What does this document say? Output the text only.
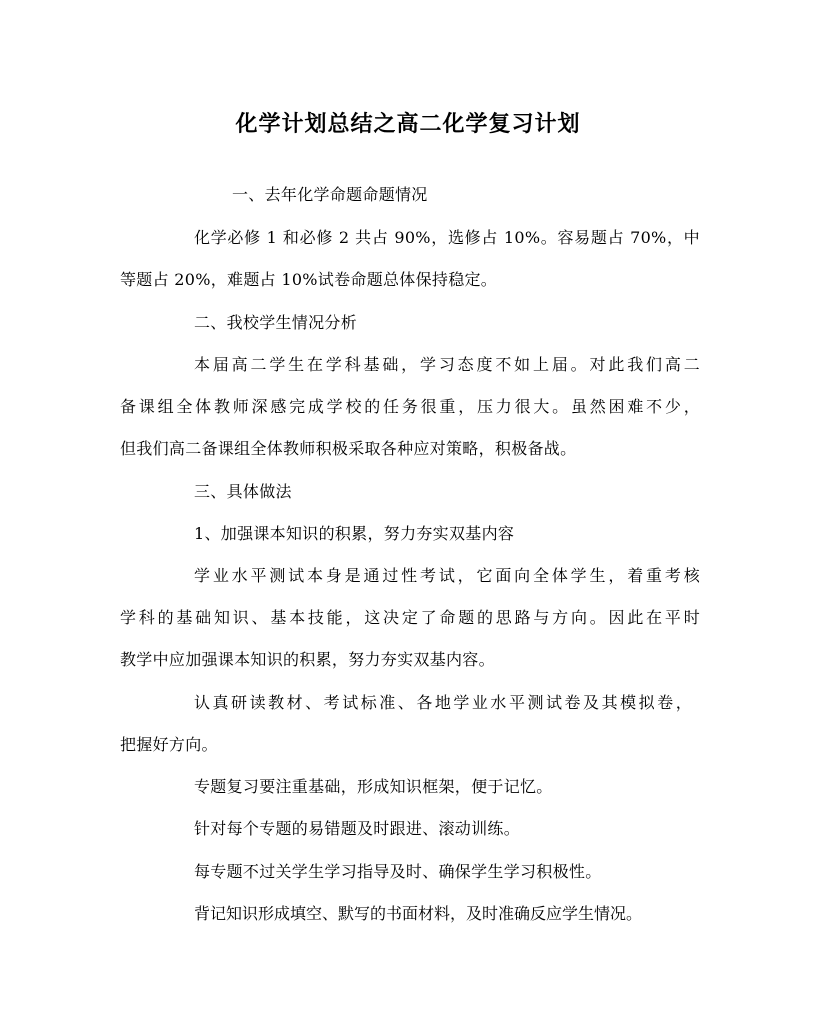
化学计划总结之高二化学复习计划
一、去年化学命题命题情况
化学必修 1 和必修 2 共占 90%，选修占 10%。容易题占 70%，中
等题占 20%，难题占 10%试卷命题总体保持稳定。
二、我校学生情况分析
本届高二学生在学科基础，学习态度不如上届。对此我们高二
备课组全体教师深感完成学校的任务很重，压力很大。虽然困难不少，
但我们高二备课组全体教师积极采取各种应对策略，积极备战。
三、具体做法
1、加强课本知识的积累，努力夯实双基内容
学业水平测试本身是通过性考试，它面向全体学生，着重考核
学科的基础知识、基本技能，这决定了命题的思路与方向。因此在平时
教学中应加强课本知识的积累，努力夯实双基内容。
认真研读教材、考试标准、各地学业水平测试卷及其模拟卷，
把握好方向。
专题复习要注重基础，形成知识框架，便于记忆。
针对每个专题的易错题及时跟进、滚动训练。
每专题不过关学生学习指导及时、确保学生学习积极性。
背记知识形成填空、默写的书面材料，及时准确反应学生情况。
